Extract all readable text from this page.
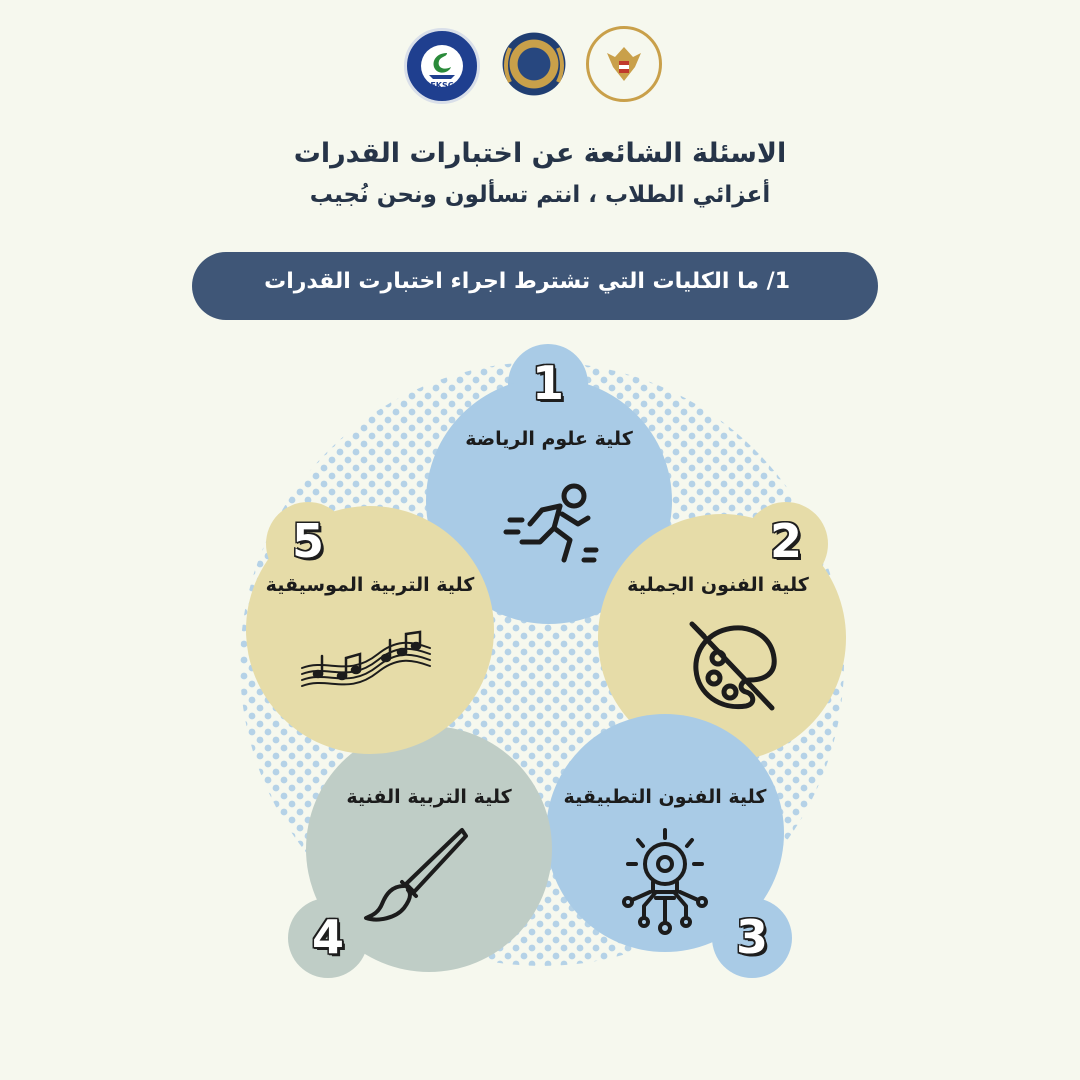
EKSC
الاسئلة الشائعة عن اختبارات القدرات
أعزائي الطلاب ، انتم تسألون ونحن نُجيب
1/ ما الكليات التي تشترط اجراء اختبارت القدرات
1
كلية علوم الرياضة
2
كلية الفنون الجملية
3
كلية الفنون التطبيقية
4
كلية التربية الفنية
5
كلية التربية الموسيقية
